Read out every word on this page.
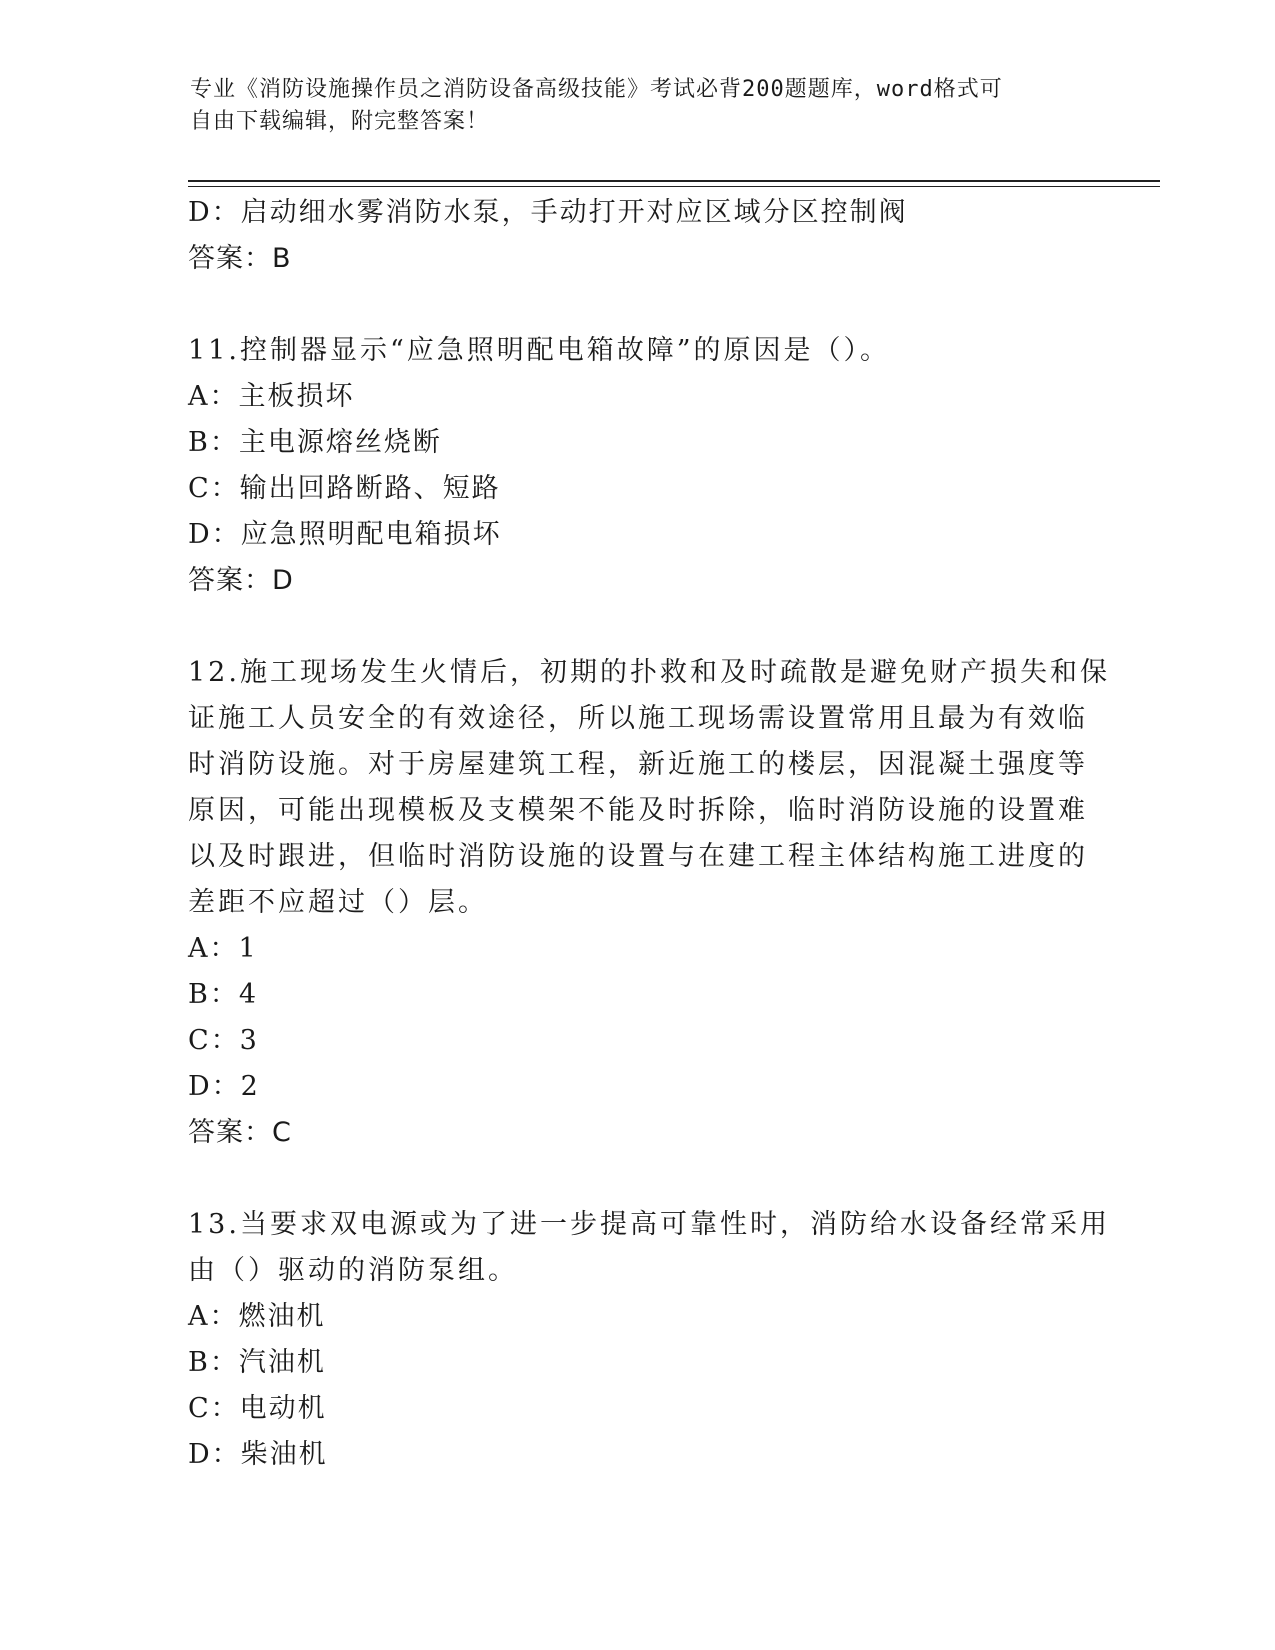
专业《消防设施操作员之消防设备高级技能》考试必背200题题库，word格式可
自由下载编辑，附完整答案！
D：启动细水雾消防水泵，手动打开对应区域分区控制阀
答案：B
11.控制器显示“应急照明配电箱故障”的原因是（）。
A：主板损坏
B：主电源熔丝烧断
C：输出回路断路、短路
D：应急照明配电箱损坏
答案：D
12.施工现场发生火情后，初期的扑救和及时疏散是避免财产损失和保
证施工人员安全的有效途径，所以施工现场需设置常用且最为有效临
时消防设施。对于房屋建筑工程，新近施工的楼层，因混凝土强度等
原因，可能出现模板及支模架不能及时拆除，临时消防设施的设置难
以及时跟进，但临时消防设施的设置与在建工程主体结构施工进度的
差距不应超过（）层。
A：1
B：4
C：3
D：2
答案：C
13.当要求双电源或为了进一步提高可靠性时，消防给水设备经常采用
由（）驱动的消防泵组。
A：燃油机
B：汽油机
C：电动机
D：柴油机
